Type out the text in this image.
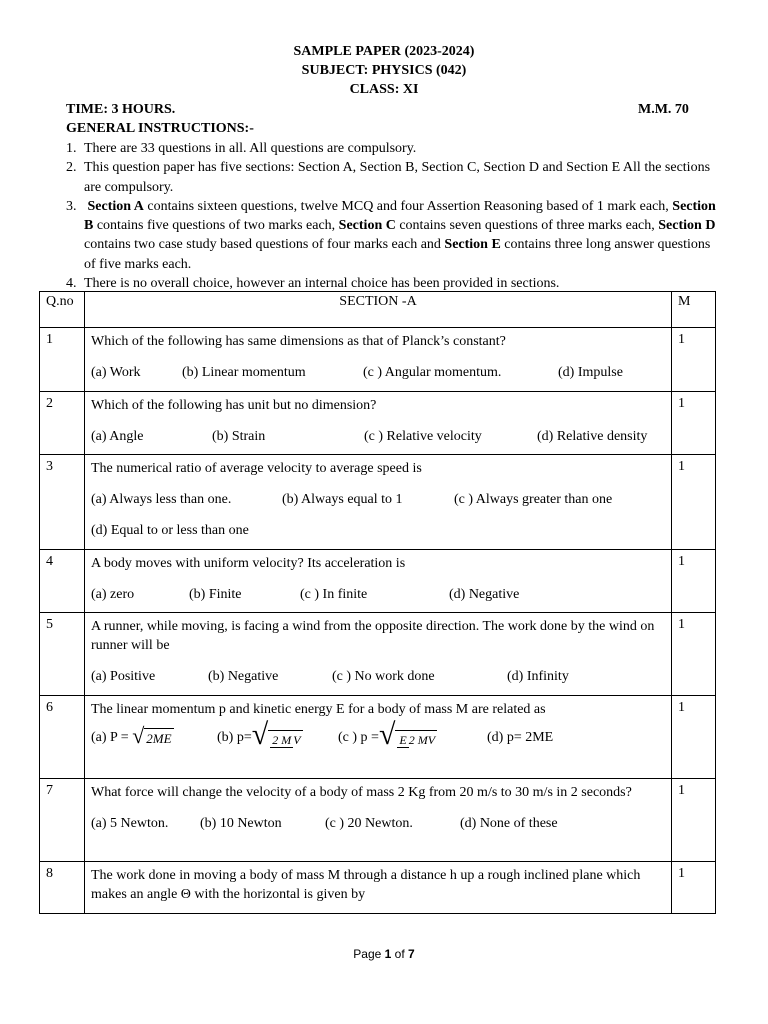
SAMPLE PAPER (2023-2024)
SUBJECT: PHYSICS (042)
CLASS: XI
TIME: 3 HOURS.	M.M. 70
GENERAL INSTRUCTIONS:-
1. There are 33 questions in all. All questions are compulsory.
2. This question paper has five sections: Section A, Section B, Section C, Section D and Section E All the sections are compulsory.
3. Section A contains sixteen questions, twelve MCQ and four Assertion Reasoning based of 1 mark each, Section B contains five questions of two marks each, Section C contains seven questions of three marks each, Section D contains two case study based questions of four marks each and Section E contains three long answer questions of five marks each.
4. There is no overall choice, however an internal choice has been provided in sections.
Q.no	SECTION -A	M
1	Which of the following has same dimensions as that of Planck’s constant?
(a) Work (b) Linear momentum (c ) Angular momentum. (d) Impulse	1
2	Which of the following has unit but no dimension?
(a) Angle (b) Strain (c ) Relative velocity (d) Relative density	1
3	The numerical ratio of average velocity to average speed is
(a) Always less than one. (b) Always equal to 1 (c ) Always greater than one
(d) Equal to or less than one	1
4	A body moves with uniform velocity? Its acceleration is
(a) zero (b) Finite (c ) In finite (d) Negative	1
5	A runner, while moving, is facing a wind from the opposite direction. The work done by the wind on runner will be
(a) Positive (b) Negative (c ) No work done (d) Infinity	1
6	The linear momentum p and kinetic energy E for a body of mass M are related as
(a) P = √ 2ME (b) p=√ 2 M V (c ) p =√ E 2 MV (d) p= 2ME	1
7	What force will change the velocity of a body of mass 2 Kg from 20 m/s to 30 m/s in 2 seconds?
(a) 5 Newton. (b) 10 Newton (c ) 20 Newton. (d) None of these	1
8	The work done in moving a body of mass M through a distance h up a rough inclined plane which makes an angle Θ with the horizontal is given by	1
Page 1 of 7
